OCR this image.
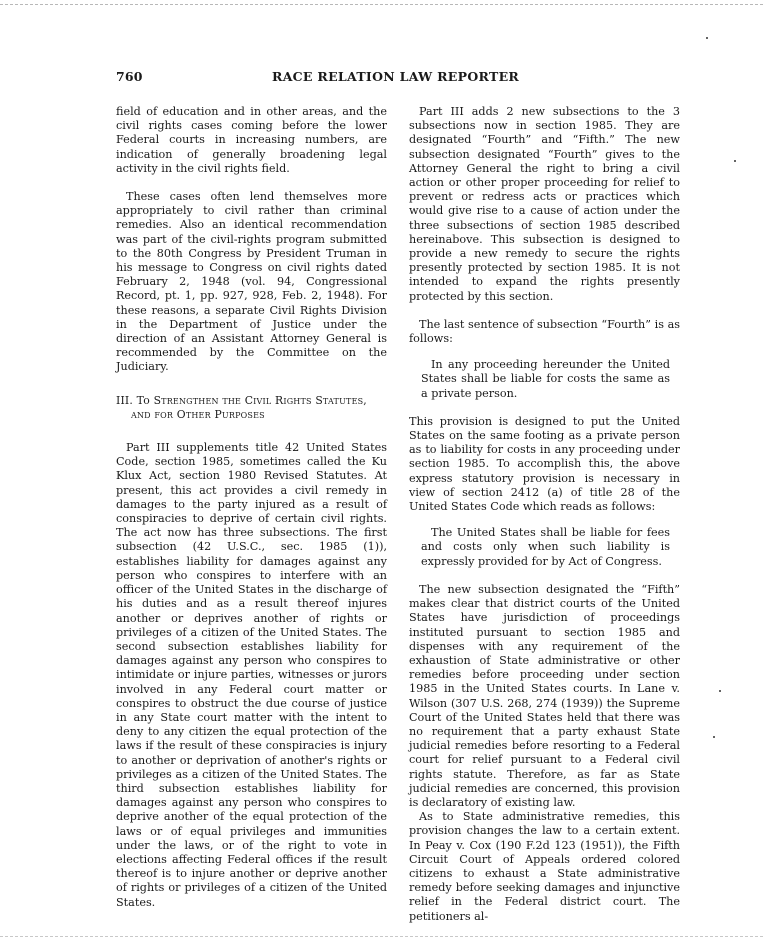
760	RACE RELATION LAW REPORTER

field of education and in other areas, and the civil rights cases coming before the lower Federal courts in increasing numbers, are indication of generally broadening legal activity in the civil rights field.

These cases often lend themselves more appropriately to civil rather than criminal remedies. Also an identical recommendation was part of the civil-rights program submitted to the 80th Congress by President Truman in his message to Congress on civil rights dated February 2, 1948 (vol. 94, Congressional Record, pt. 1, pp. 927, 928, Feb. 2, 1948). For these reasons, a separate Civil Rights Division in the Department of Justice under the direction of an Assistant Attorney General is recommended by the Committee on the Judiciary.

III. To Strengthen the Civil Rights Statutes,
and for Other Purposes

Part III supplements title 42 United States Code, section 1985, sometimes called the Ku Klux Act, section 1980 Revised Statutes. At present, this act provides a civil remedy in damages to the party injured as a result of conspiracies to deprive of certain civil rights. The act now has three subsections. The first subsection (42 U.S.C., sec. 1985 (1)), establishes liability for damages against any person who conspires to interfere with an officer of the United States in the discharge of his duties and as a result thereof injures another or deprives another of rights or privileges of a citizen of the United States. The second subsection establishes liability for damages against any person who conspires to intimidate or injure parties, witnesses or jurors involved in any Federal court matter or conspires to obstruct the due course of justice in any State court matter with the intent to deny to any citizen the equal protection of the laws if the result of these conspiracies is injury to another or deprivation of another's rights or privileges as a citizen of the United States. The third subsection establishes liability for damages against any person who conspires to deprive another of the equal protection of the laws or of equal privileges and immunities under the laws, or of the right to vote in elections affecting Federal offices if the result thereof is to injure another or deprive another of rights or privileges of a citizen of the United States.

Part III adds 2 new subsections to the 3 subsections now in section 1985. They are designated “Fourth” and “Fifth.” The new subsection designated “Fourth” gives to the Attorney General the right to bring a civil action or other proper proceeding for relief to prevent or redress acts or practices which would give rise to a cause of action under the three subsections of section 1985 described hereinabove. This subsection is designed to provide a new remedy to secure the rights presently protected by section 1985. It is not intended to expand the rights presently protected by this section.

The last sentence of subsection “Fourth” is as follows:

In any proceeding hereunder the United States shall be liable for costs the same as a private person.

This provision is designed to put the United States on the same footing as a private person as to liability for costs in any proceeding under section 1985. To accomplish this, the above express statutory provision is necessary in view of section 2412 (a) of title 28 of the United States Code which reads as follows:

The United States shall be liable for fees and costs only when such liability is expressly provided for by Act of Congress.

The new subsection designated the “Fifth” makes clear that district courts of the United States have jurisdiction of proceedings instituted pursuant to section 1985 and dispenses with any requirement of the exhaustion of State administrative or other remedies before proceeding under section 1985 in the United States courts. In Lane v. Wilson (307 U.S. 268, 274 (1939)) the Supreme Court of the United States held that there was no requirement that a party exhaust State judicial remedies before resorting to a Federal court for relief pursuant to a Federal civil rights statute. Therefore, as far as State judicial remedies are concerned, this provision is declaratory of existing law.

As to State administrative remedies, this provision changes the law to a certain extent. In Peay v. Cox (190 F.2d 123 (1951)), the Fifth Circuit Court of Appeals ordered colored citizens to exhaust a State administrative remedy before seeking damages and injunctive relief in the Federal district court. The petitioners al-
